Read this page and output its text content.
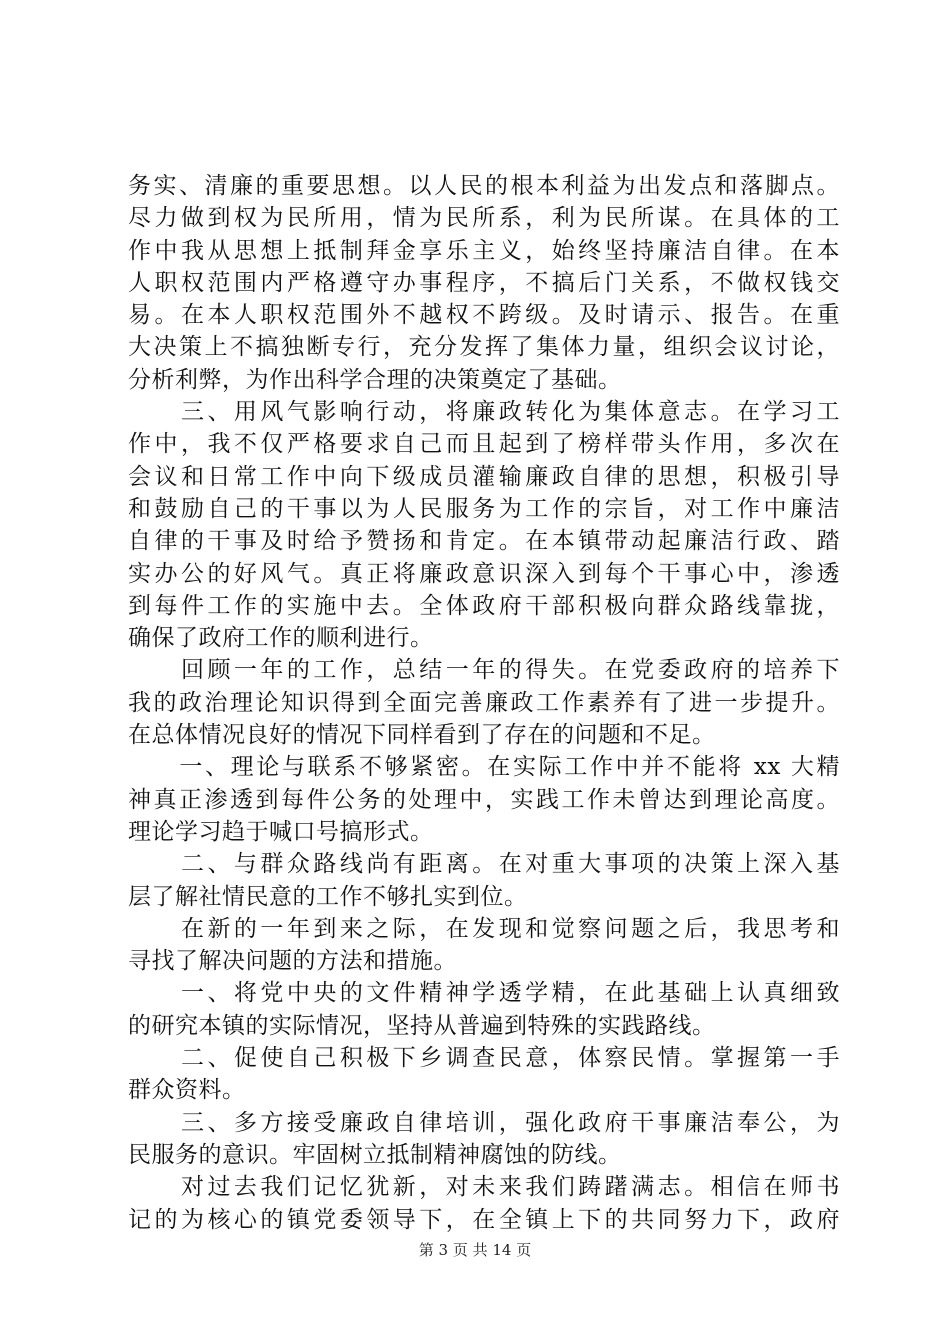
务实、清廉的重要思想。以人民的根本利益为出发点和落脚点。
尽力做到权为民所用，情为民所系，利为民所谋。在具体的工
作中我从思想上抵制拜金享乐主义，始终坚持廉洁自律。在本
人职权范围内严格遵守办事程序，不搞后门关系，不做权钱交
易。在本人职权范围外不越权不跨级。及时请示、报告。在重
大决策上不搞独断专行，充分发挥了集体力量，组织会议讨论，
分析利弊，为作出科学合理的决策奠定了基础。
　　三、用风气影响行动，将廉政转化为集体意志。在学习工
作中，我不仅严格要求自己而且起到了榜样带头作用，多次在
会议和日常工作中向下级成员灌输廉政自律的思想，积极引导
和鼓励自己的干事以为人民服务为工作的宗旨，对工作中廉洁
自律的干事及时给予赞扬和肯定。在本镇带动起廉洁行政、踏
实办公的好风气。真正将廉政意识深入到每个干事心中，渗透
到每件工作的实施中去。全体政府干部积极向群众路线靠拢，
确保了政府工作的顺利进行。
　　回顾一年的工作，总结一年的得失。在党委政府的培养下
我的政治理论知识得到全面完善廉政工作素养有了进一步提升。
在总体情况良好的情况下同样看到了存在的问题和不足。
　　一、理论与联系不够紧密。在实际工作中并不能将 xx 大精
神真正渗透到每件公务的处理中，实践工作未曾达到理论高度。
理论学习趋于喊口号搞形式。
　　二、与群众路线尚有距离。在对重大事项的决策上深入基
层了解社情民意的工作不够扎实到位。
　　在新的一年到来之际，在发现和觉察问题之后，我思考和
寻找了解决问题的方法和措施。
　　一、将党中央的文件精神学透学精，在此基础上认真细致
的研究本镇的实际情况，坚持从普遍到特殊的实践路线。
　　二、促使自己积极下乡调查民意，体察民情。掌握第一手
群众资料。
　　三、多方接受廉政自律培训，强化政府干事廉洁奉公，为
民服务的意识。牢固树立抵制精神腐蚀的防线。
　　对过去我们记忆犹新，对未来我们踌躇满志。相信在师书
记的为核心的镇党委领导下，在全镇上下的共同努力下，政府
第 3 页 共 14 页
